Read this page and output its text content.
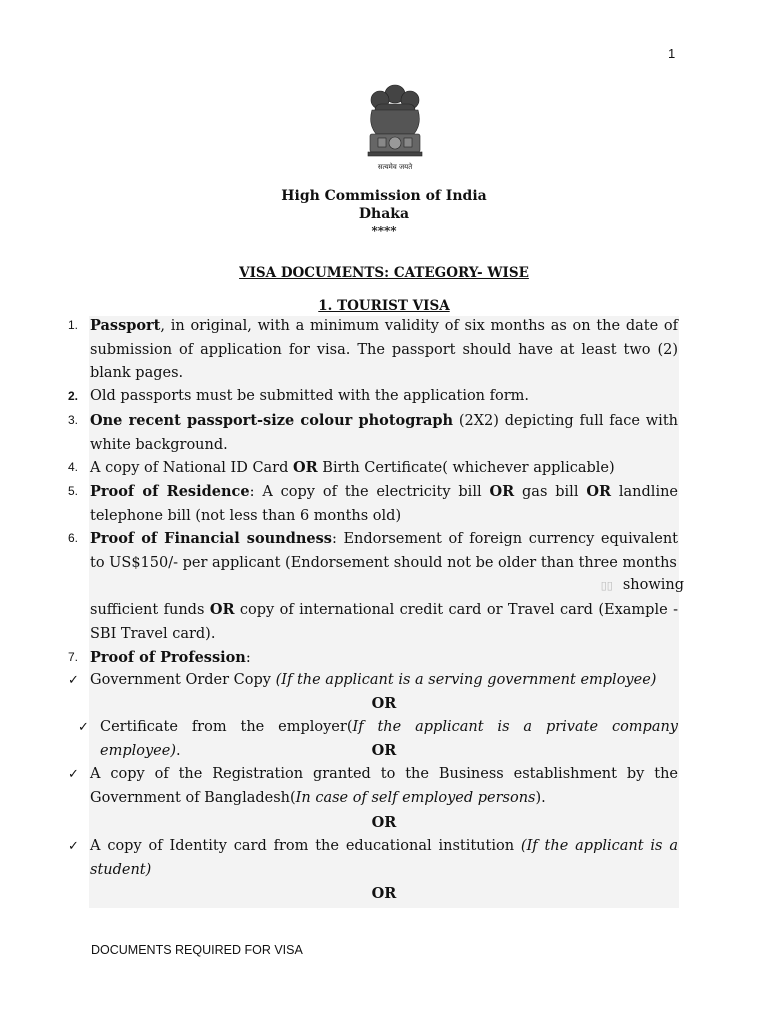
1
सत्यमेव जयते
High Commission of India
Dhaka
****
VISA DOCUMENTS: CATEGORY- WISE
1. TOURIST VISA
1. Passport, in original, with a minimum validity of six months as on the date of submission of application for visa. The passport should have at least two (2) blank pages.
2. Old passports must be submitted with the application form.
3. One recent passport-size colour photograph (2X2) depicting full face with white background.
4. A copy of National ID Card OR Birth Certificate( whichever applicable)
5. Proof of Residence: A copy of the electricity bill OR gas bill OR landline telephone bill (not less than 6 months old)
6. Proof of Financial soundness: Endorsement of foreign currency equivalent to US$150/- per applicant (Endorsement should not be older than three months
▯▯ showing
sufficient funds OR copy of international credit card or Travel card (Example - SBI Travel card).
7. Proof of Profession:
✓ Government Order Copy (If the applicant is a serving government employee)
OR
✓ Certificate from the employer(If the applicant is a private company employee).	OR
✓ A copy of the Registration granted to the Business establishment by the Government of Bangladesh(In case of self employed persons).
OR
✓ A copy of Identity card from the educational institution (If the applicant is a student)
OR
DOCUMENTS REQUIRED FOR VISA
